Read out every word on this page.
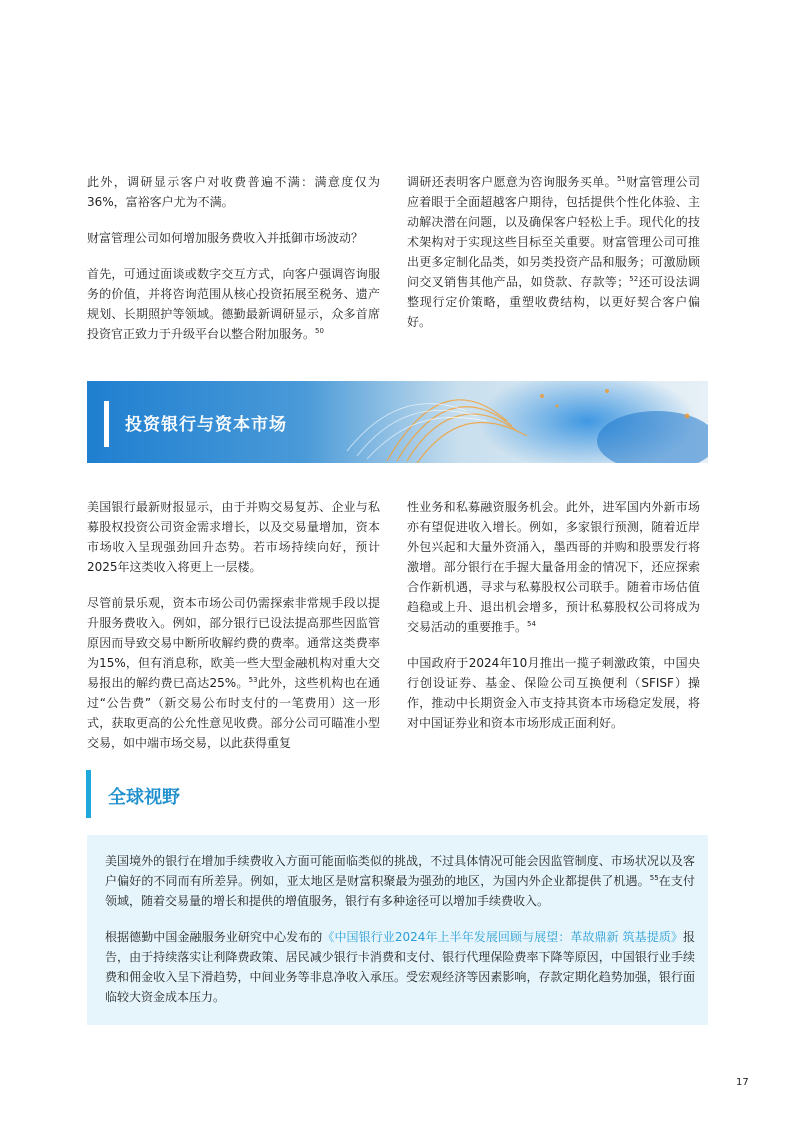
此外，调研显示客户对收费普遍不满：满意度仅为36%，富裕客户尤为不满。

财富管理公司如何增加服务费收入并抵御市场波动？

首先，可通过面谈或数字交互方式，向客户强调咨询服务的价值，并将咨询范围从核心投资拓展至税务、遗产规划、长期照护等领域。德勤最新调研显示，众多首席投资官正致力于升级平台以整合附加服务。$^{50}$

调研还表明客户愿意为咨询服务买单。$^{51}$财富管理公司应着眼于全面超越客户期待，包括提供个性化体验、主动解决潜在问题，以及确保客户轻松上手。现代化的技术架构对于实现这些目标至关重要。财富管理公司可推出更多定制化品类，如另类投资产品和服务；可激励顾问交叉销售其他产品，如贷款、存款等；$^{52}$还可设法调整现行定价策略，重塑收费结构，以更好契合客户偏好。

投资银行与资本市场

美国银行最新财报显示，由于并购交易复苏、企业与私募股权投资公司资金需求增长，以及交易量增加，资本市场收入呈现强劲回升态势。若市场持续向好，预计2025年这类收入将更上一层楼。

尽管前景乐观，资本市场公司仍需探索非常规手段以提升服务费收入。例如，部分银行已设法提高那些因监管原因而导致交易中断所收解约费的费率。通常这类费率为15%，但有消息称，欧美一些大型金融机构对重大交易报出的解约费已高达25%。$^{53}$此外，这些机构也在通过“公告费”（新交易公布时支付的一笔费用）这一形式，获取更高的公允性意见收费。部分公司可瞄准小型交易，如中端市场交易，以此获得重复

性业务和私募融资服务机会。此外，进军国内外新市场亦有望促进收入增长。例如，多家银行预测，随着近岸外包兴起和大量外资涌入，墨西哥的并购和股票发行将激增。部分银行在手握大量备用金的情况下，还应探索合作新机遇，寻求与私募股权公司联手。随着市场估值趋稳或上升、退出机会增多，预计私募股权公司将成为交易活动的重要推手。$^{54}$

中国政府于2024年10月推出一揽子刺激政策，中国央行创设证券、基金、保险公司互换便利（SFISF）操作，推动中长期资金入市支持其资本市场稳定发展，将对中国证券业和资本市场形成正面利好。

全球视野

美国境外的银行在增加手续费收入方面可能面临类似的挑战，不过具体情况可能会因监管制度、市场状况以及客户偏好的不同而有所差异。例如，亚太地区是财富积聚最为强劲的地区，为国内外企业都提供了机遇。$^{55}$在支付领域，随着交易量的增长和提供的增值服务，银行有多种途径可以增加手续费收入。

根据德勤中国金融服务业研究中心发布的《中国银行业2024年上半年发展回顾与展望：革故鼎新 筑基提质》报告，由于持续落实让利降费政策、居民减少银行卡消费和支付、银行代理保险费率下降等原因，中国银行业手续费和佣金收入呈下滑趋势，中间业务等非息净收入承压。受宏观经济等因素影响，存款定期化趋势加强，银行面临较大资金成本压力。

17
